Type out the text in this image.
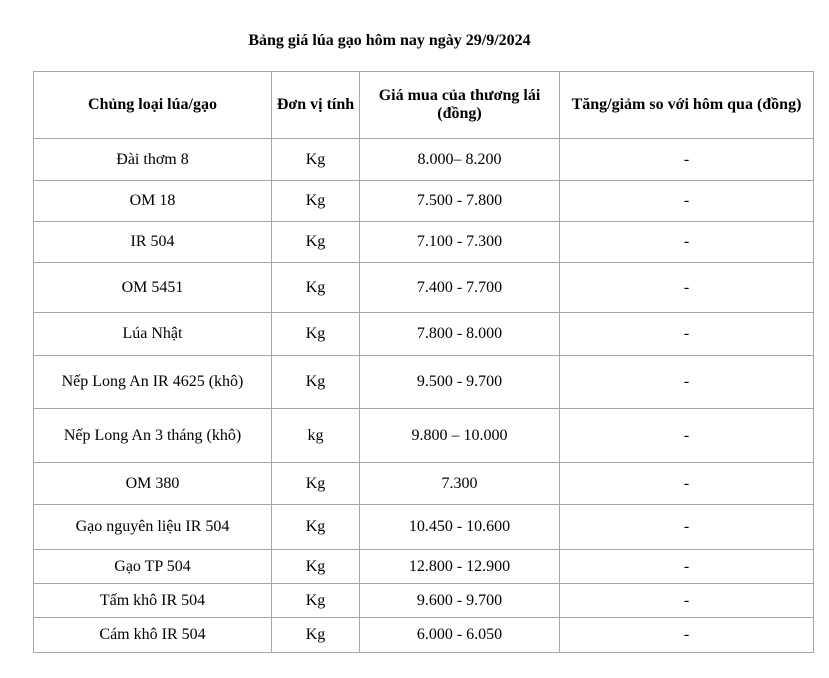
Bảng giá lúa gạo hôm nay ngày 29/9/2024
Chủng loại lúa/gạo	Đơn vị tính	Giá mua của thương lái (đồng)	Tăng/giảm so với hôm qua (đồng)
Đài thơm 8	Kg	8.000– 8.200	-
OM 18	Kg	7.500 - 7.800	-
IR 504	Kg	7.100 - 7.300	-
OM 5451	Kg	7.400 - 7.700	-
Lúa Nhật	Kg	7.800 - 8.000	-
Nếp Long An IR 4625 (khô)	Kg	9.500 - 9.700	-
Nếp Long An 3 tháng (khô)	kg	9.800 – 10.000	-
OM 380	Kg	7.300	-
Gạo nguyên liệu IR 504	Kg	10.450 - 10.600	-
Gạo TP 504	Kg	12.800 - 12.900	-
Tấm khô IR 504	Kg	9.600 - 9.700	-
Cám khô IR 504	Kg	6.000 - 6.050	-
